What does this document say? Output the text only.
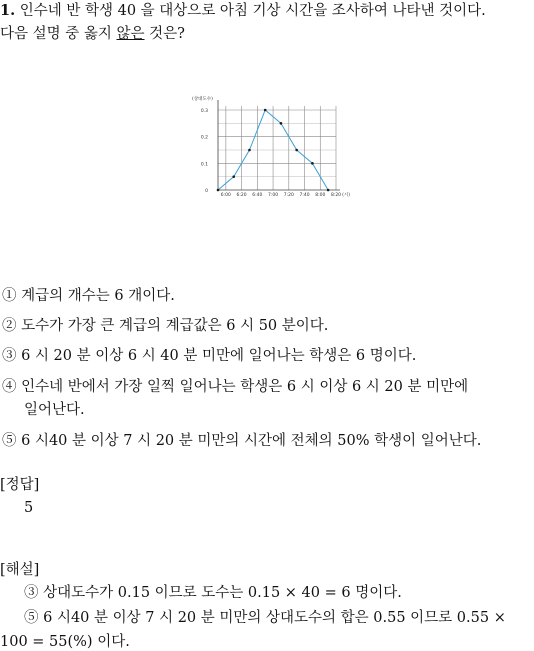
1. 인수네 반 학생 40 을 대상으로 아침 기상 시간을 조사하여 나타낸 것이다.
다음 설명 중 옳지 않은 것은?
0
0.1
0.2
0.3
6:00 6:20 6:40 7:00 7:20 7:40 8:00 8:20
(상대도수)
(시)
① 계급의 개수는 6 개이다.
② 도수가 가장 큰 계급의 계급값은 6 시 50 분이다.
③ 6 시 20 분 이상 6 시 40 분 미만에 일어나는 학생은 6 명이다.
④ 인수네 반에서 가장 일찍 일어나는 학생은 6 시 이상 6 시 20 분 미만에
일어난다.
⑤ 6 시40 분 이상 7 시 20 분 미만의 시간에 전체의 50% 학생이 일어난다.
[정답]
5
[해설]
③ 상대도수가 0.15 이므로 도수는 0.15 × 40 = 6 명이다.
⑤ 6 시40 분 이상 7 시 20 분 미만의 상대도수의 합은 0.55 이므로 0.55 ×
100 = 55(%) 이다.
